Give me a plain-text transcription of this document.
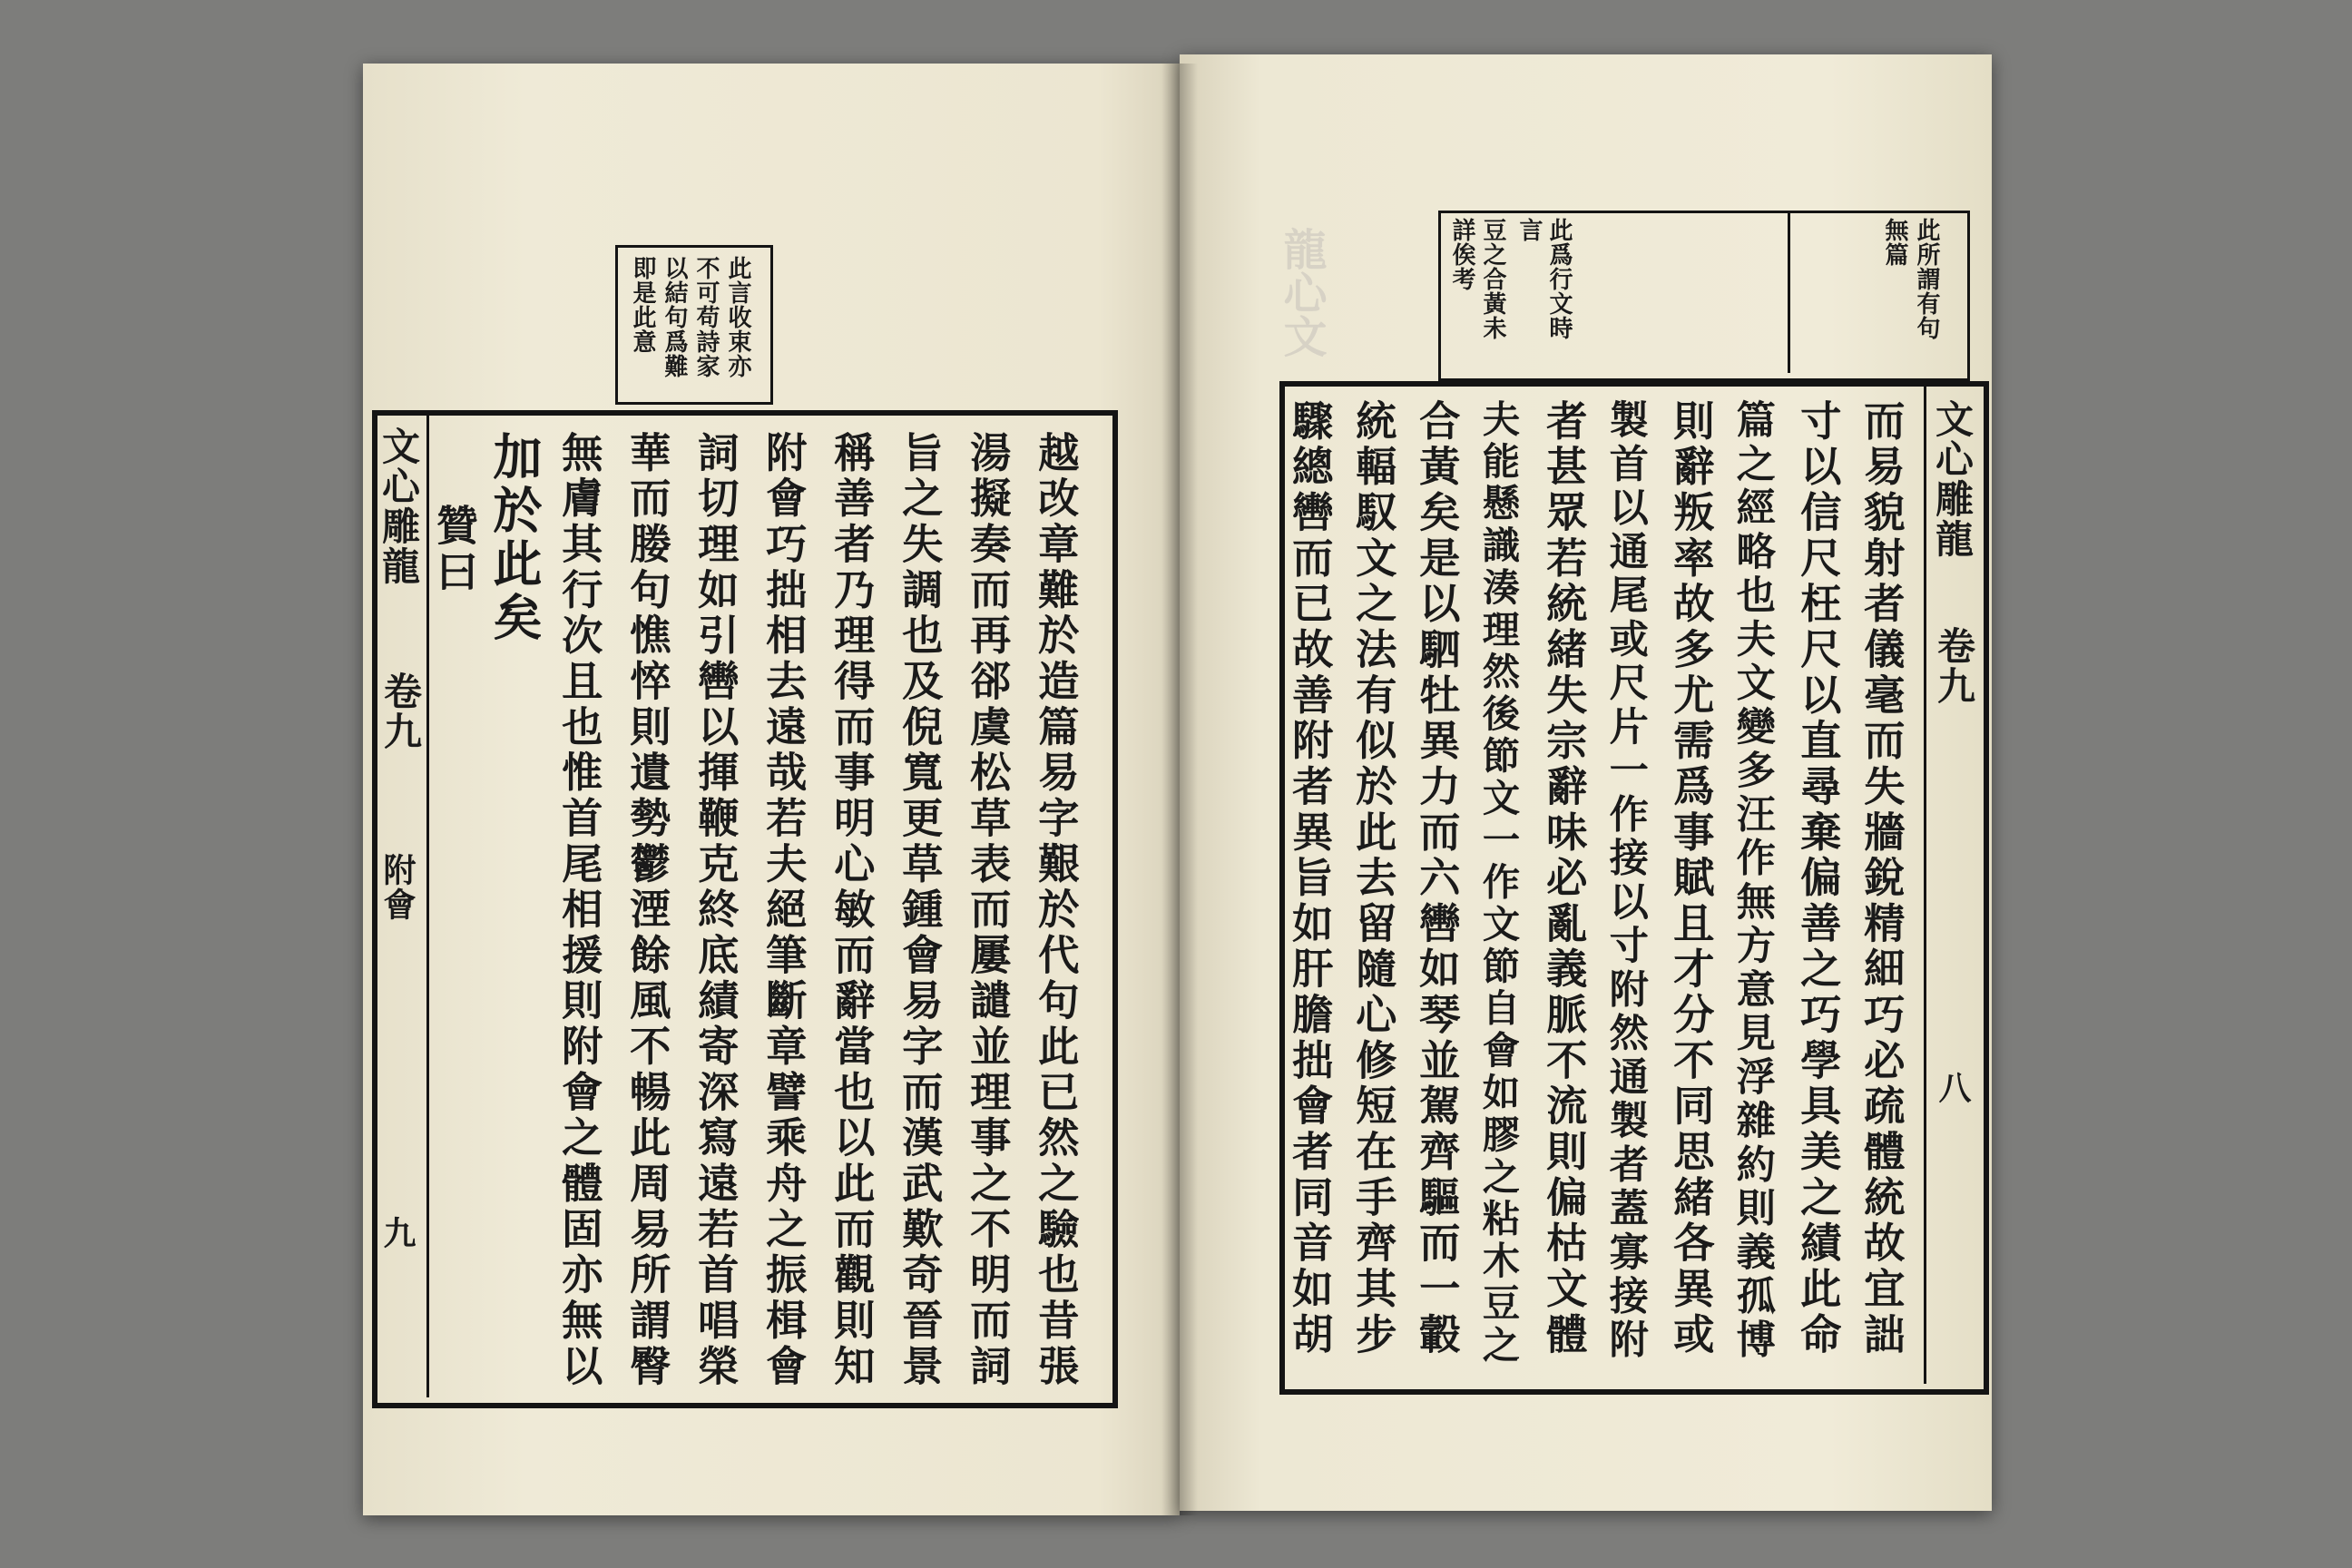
龍心文
此言收束亦
不可苟詩家
以結句爲難
即是此意
文心雕龍
卷九
附會
九	越改章難於造篇易字艱於代句此已然之驗也昔張
湯擬奏而再郤虞松草表而屢譴並理事之不明而詞
旨之失調也及倪寬更草鍾會易字而漢武歎奇晉景
稱善者乃理得而事明心敏而辭當也以此而觀則知
附會巧拙相去遠哉若夫絕筆斷章譬乘舟之振楫會
詞切理如引轡以揮鞭克終底績寄深寫遠若首唱榮
華而媵句憔悴則遺勢鬱湮餘風不暢此周易所謂臀
無膚其行次且也惟首尾相援則附會之體固亦無以
加於此矣
贊曰
此所謂有句
無篇
此爲行文時
言
豆之合黃未
詳俟考
文心雕龍
卷九
八
而易貌射者儀毫而失牆銳精細巧必疏體統故宜詘
寸以信尺枉尺以直尋棄偏善之巧學具美之績此命
篇之經略也夫文變多汪作無方意見浮雜約則義孤博
則辭叛率故多尤需爲事賦且才分不同思緒各異或
製首以通尾或尺片一作接以寸附然通製者蓋寡接附
者甚眾若統緒失宗辭味必亂義脈不流則偏枯文體
夫能懸識湊理然後節文一作文節自會如膠之粘木豆之
合黃矣是以駟牡異力而六轡如琴並駕齊驅而一轂
統輻馭文之法有似於此去留隨心修短在手齊其步
驟總轡而已故善附者異旨如肝膽拙會者同音如胡
